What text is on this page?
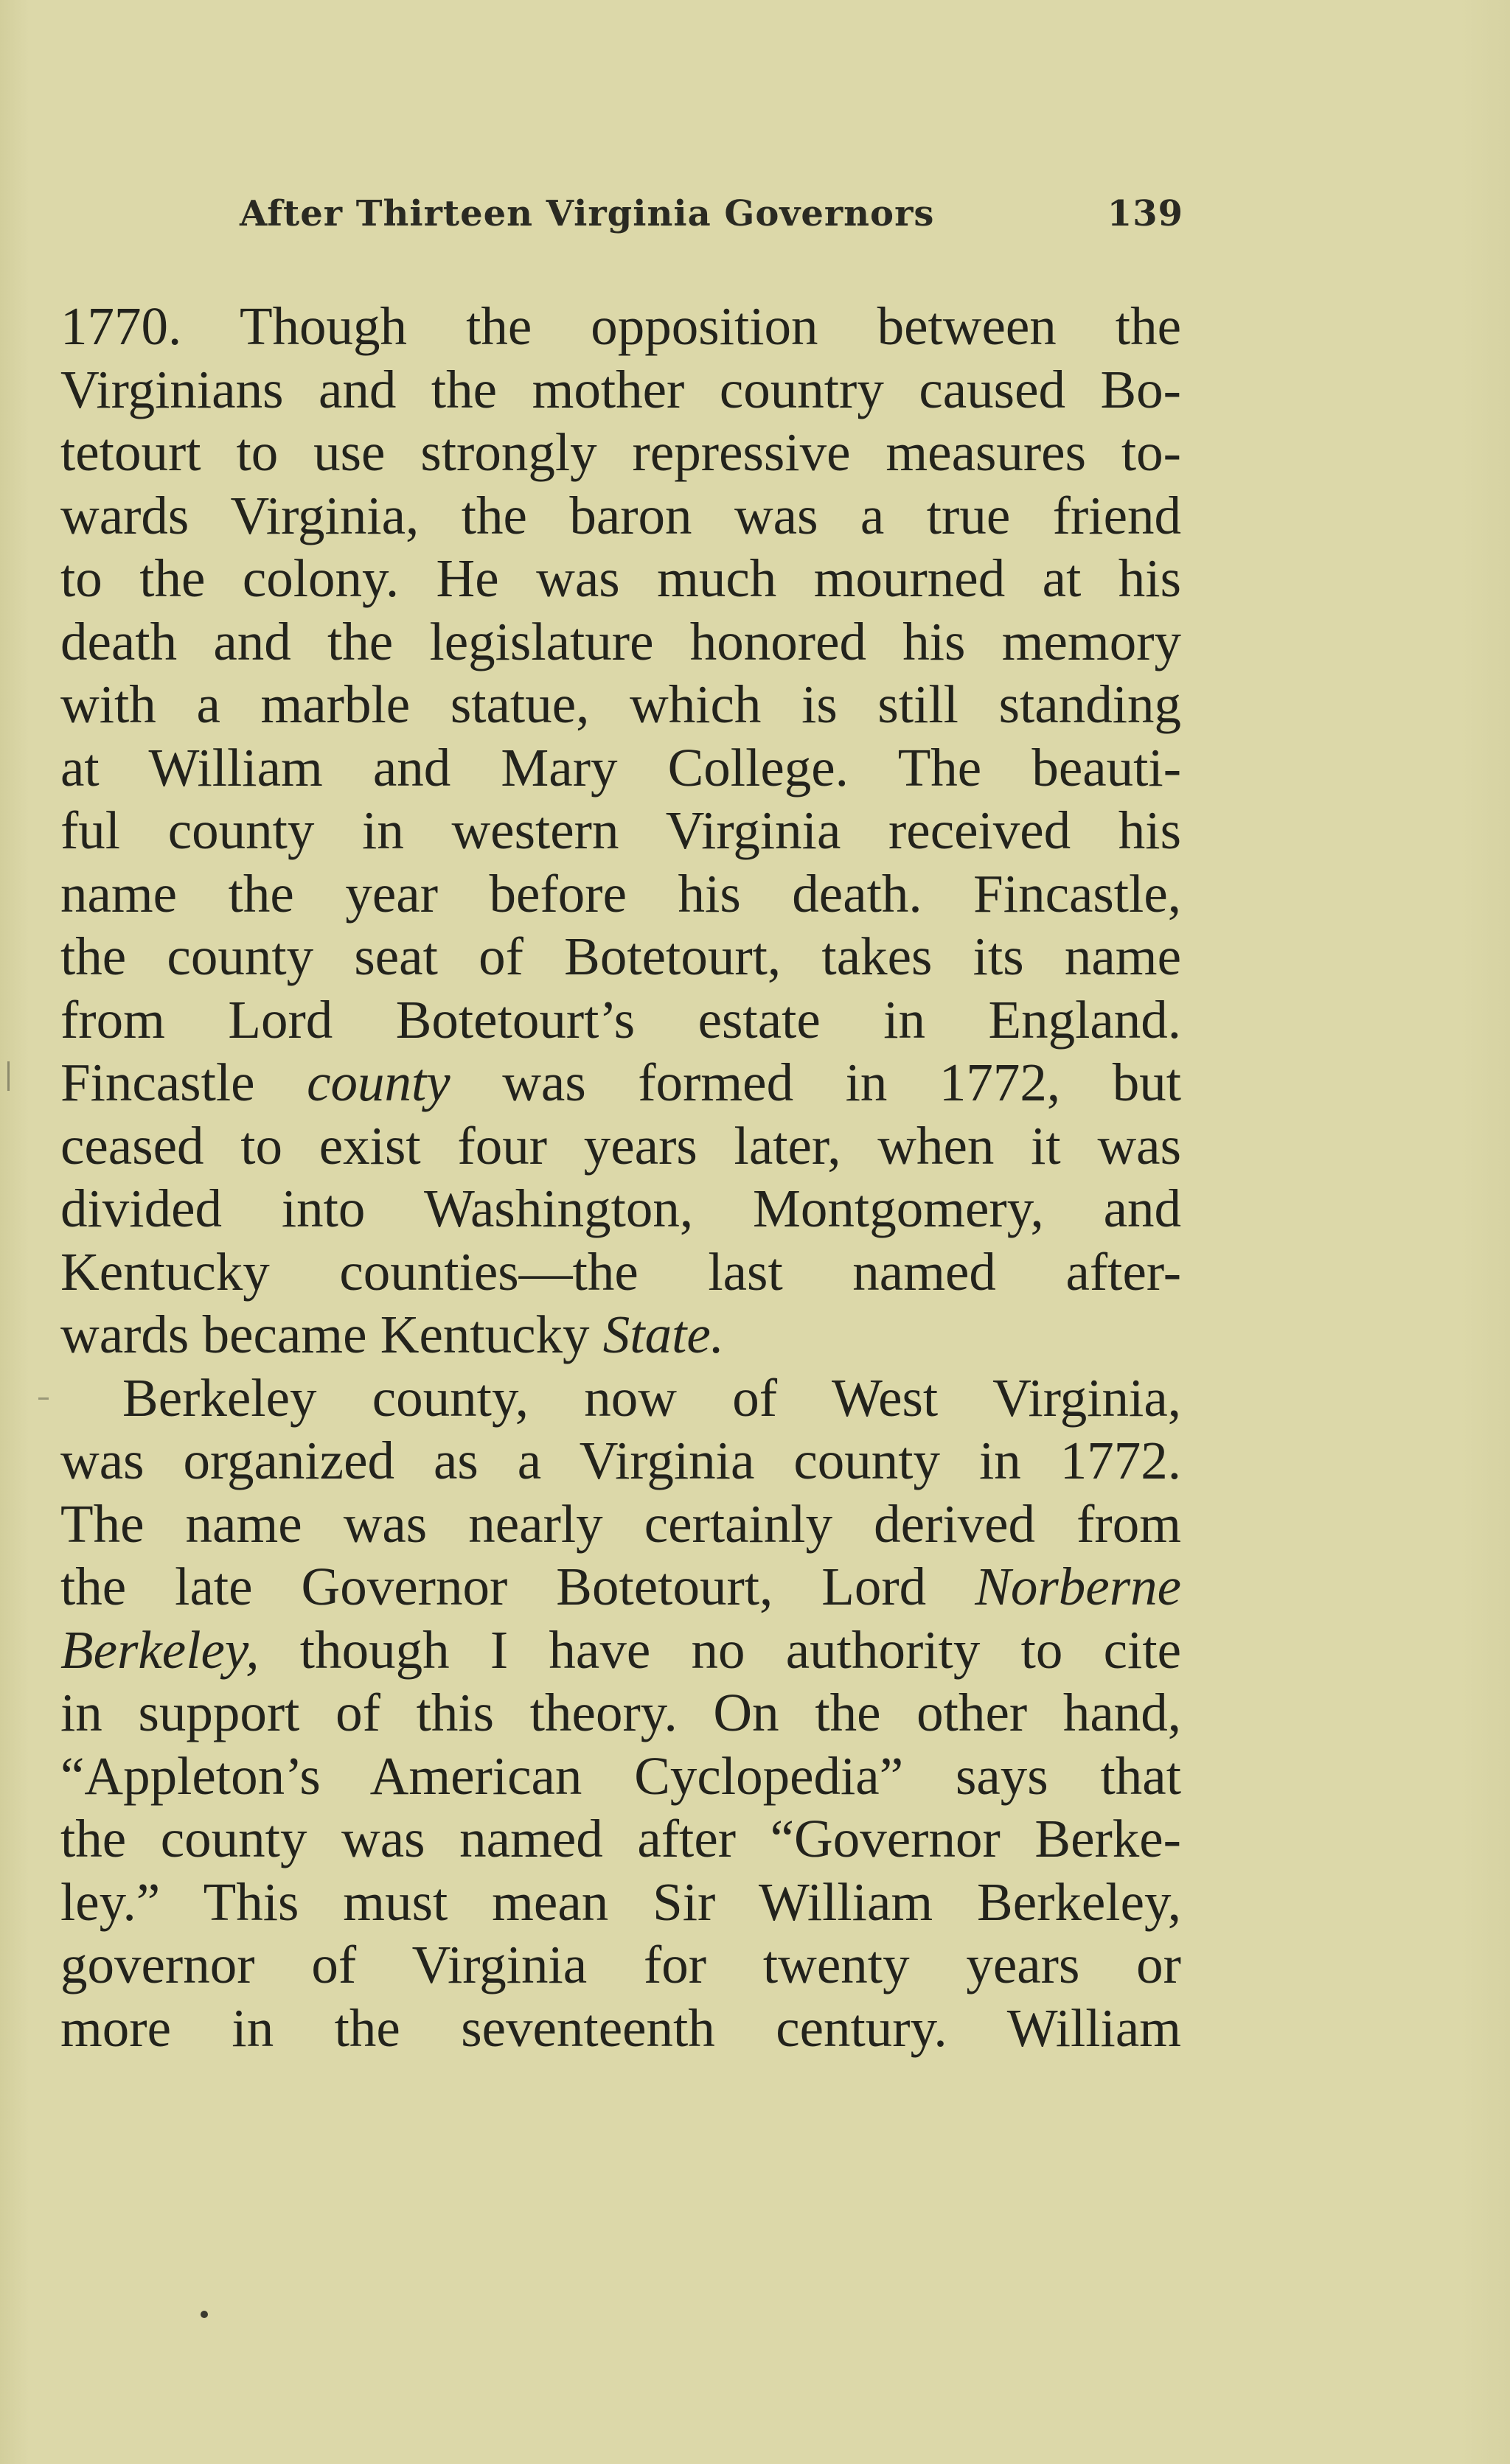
After Thirteen Virginia Governors	139
1770. Though the opposition between the
Virginians and the mother country caused Bo-
tetourt to use strongly repressive measures to-
wards Virginia, the baron was a true friend
to the colony. He was much mourned at his
death and the legislature honored his memory
with a marble statue, which is still standing
at William and Mary College. The beauti-
ful county in western Virginia received his
name the year before his death. Fincastle,
the county seat of Botetourt, takes its name
from Lord Botetourt’s estate in England.
Fincastle county was formed in 1772, but
ceased to exist four years later, when it was
divided into Washington, Montgomery, and
Kentucky counties—the last named after-
wards became Kentucky State.
Berkeley county, now of West Virginia,
was organized as a Virginia county in 1772.
The name was nearly certainly derived from
the late Governor Botetourt, Lord Norberne
Berkeley, though I have no authority to cite
in support of this theory. On the other hand,
“Appleton’s American Cyclopedia” says that
the county was named after “Governor Berke-
ley.” This must mean Sir William Berkeley,
governor of Virginia for twenty years or
more in the seventeenth century. William
